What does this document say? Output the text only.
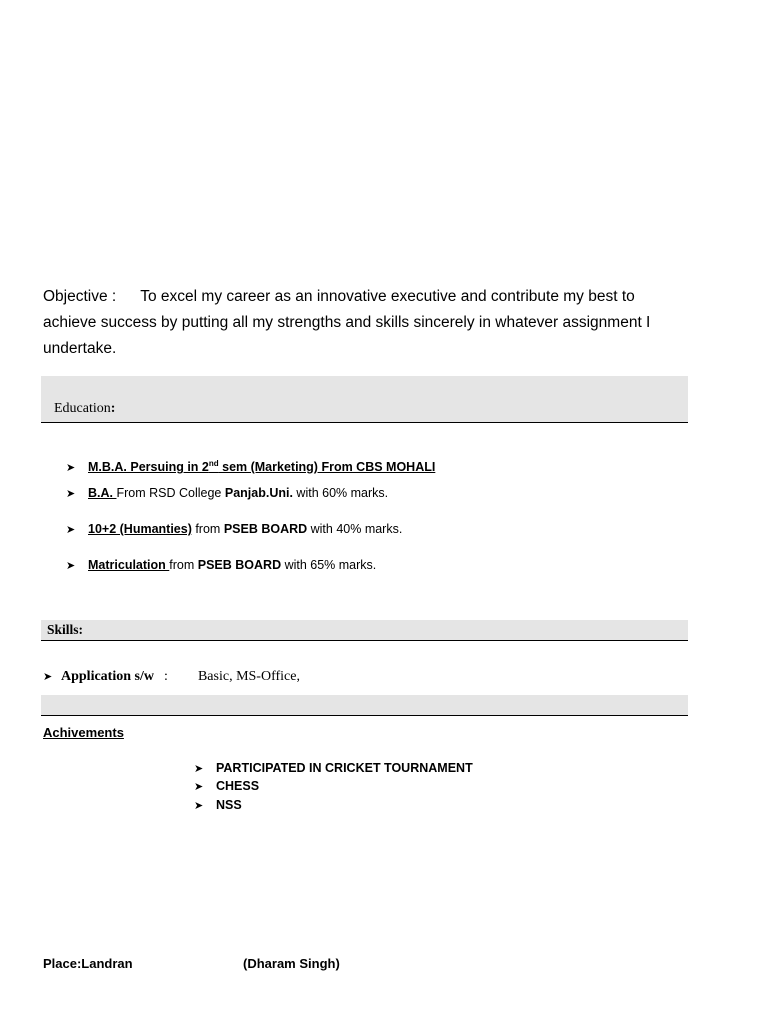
Objective : To excel my career as an innovative executive and contribute my best to achieve success by putting all my strengths and skills sincerely in whatever assignment I undertake.
Education:
➤ M.B.A. Persuing in 2nd sem (Marketing) From CBS MOHALI
➤ B.A. From RSD College Panjab.Uni. with 60% marks.
➤ 10+2 (Humanties) from PSEB BOARD with 40% marks.
➤ Matriculation from PSEB BOARD with 65% marks.
Skills:
➤ Application s/w : Basic, MS-Office,
Achivements
➤ PARTICIPATED IN CRICKET TOURNAMENT
➤ CHESS
➤ NSS
Place:Landran	(Dharam Singh)
